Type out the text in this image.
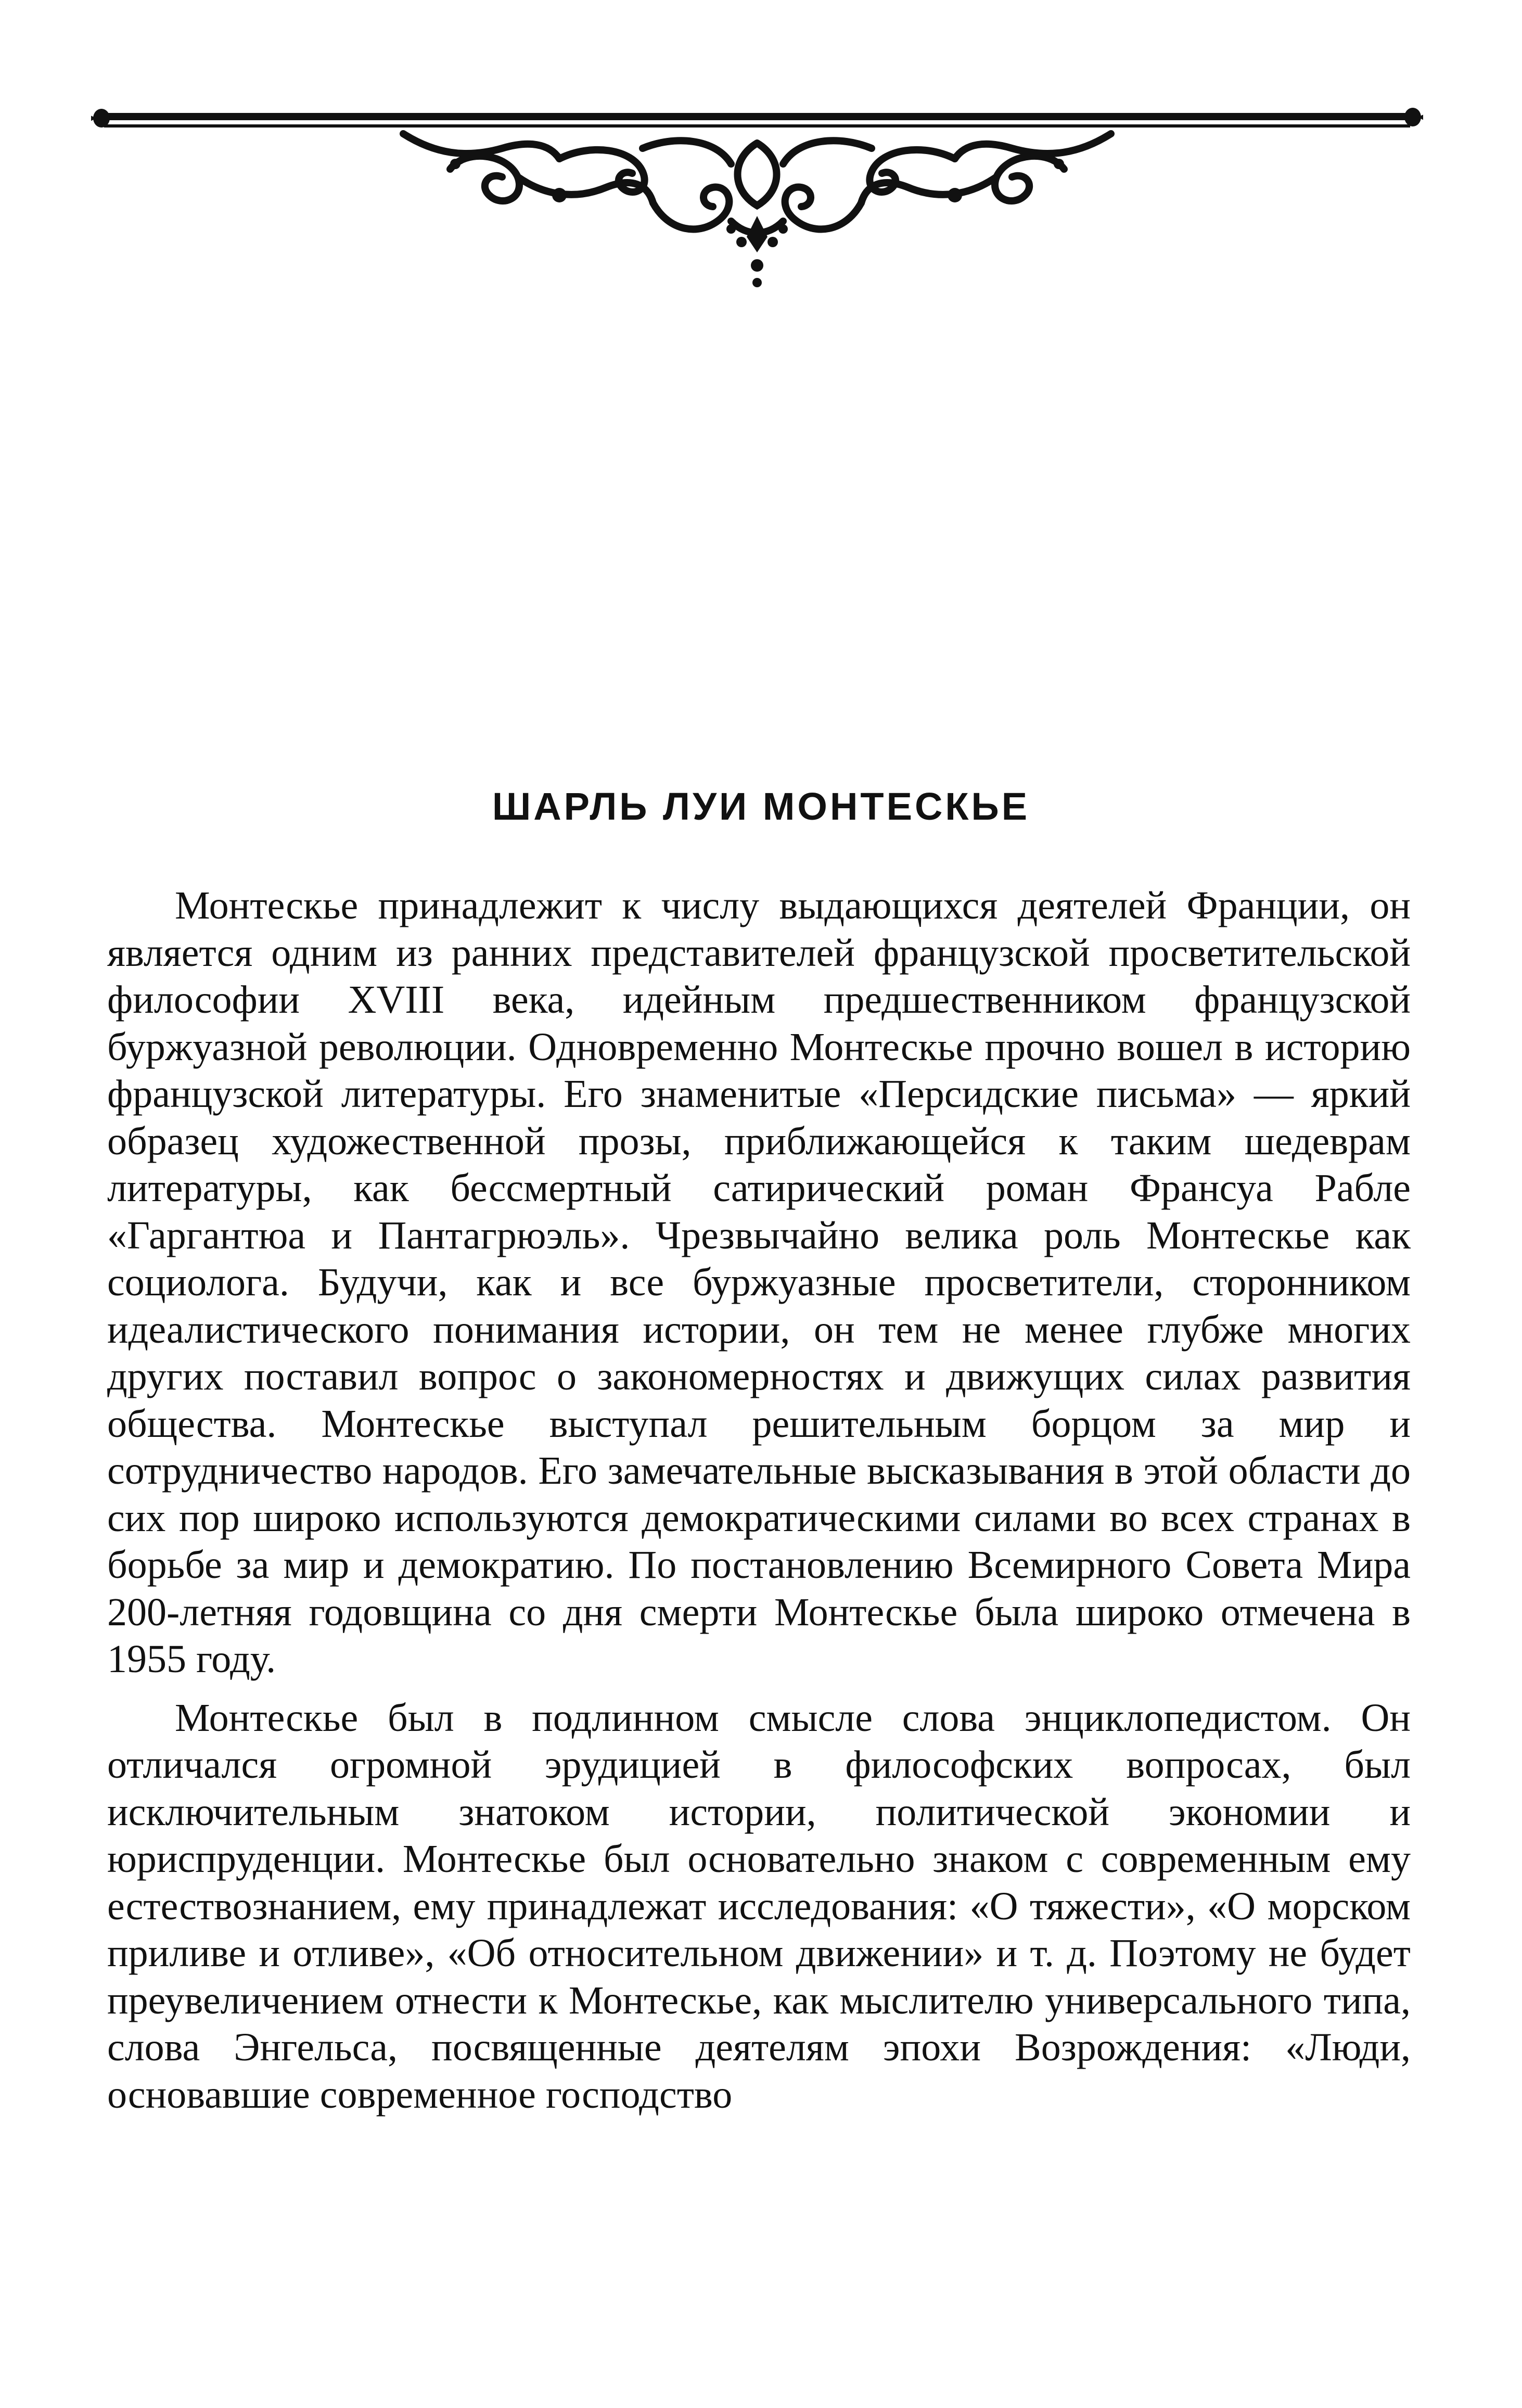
ШАРЛЬ ЛУИ МОНТЕСКЬЕ

Монтескье принадлежит к числу выдающихся деятелей Франции, он является одним из ранних представителей французской просветительской философии XVIII века, идейным предшественником французской буржуазной революции. Одновременно Монтескье прочно вошел в историю французской литературы. Его знаменитые «Персидские письма» — яркий образец художественной прозы, приближающейся к таким шедеврам литературы, как бессмертный сатирический роман Франсуа Рабле «Гаргантюа и Пантагрюэль». Чрезвычайно велика роль Монтескье как социолога. Будучи, как и все буржуазные просветители, сторонником идеалистического понимания истории, он тем не менее глубже многих других поставил вопрос о закономерностях и движущих силах развития общества. Монтескье выступал решительным борцом за мир и сотрудничество народов. Его замечательные высказывания в этой области до сих пор широко используются демократическими силами во всех странах в борьбе за мир и демократию. По постановлению Всемирного Совета Мира 200-летняя годовщина со дня смерти Монтескье была широко отмечена в 1955 году.

Монтескье был в подлинном смысле слова энциклопедистом. Он отличался огромной эрудицией в философских вопросах, был исключительным знатоком истории, политической экономии и юриспруденции. Монтескье был основательно знаком с современным ему естествознанием, ему принадлежат исследования: «О тяжести», «О морском приливе и отливе», «Об относительном движении» и т. д. Поэтому не будет преувеличением отнести к Монтескье, как мыслителю универсального типа, слова Энгельса, посвященные деятелям эпохи Возрождения: «Люди, основавшие современное господство
